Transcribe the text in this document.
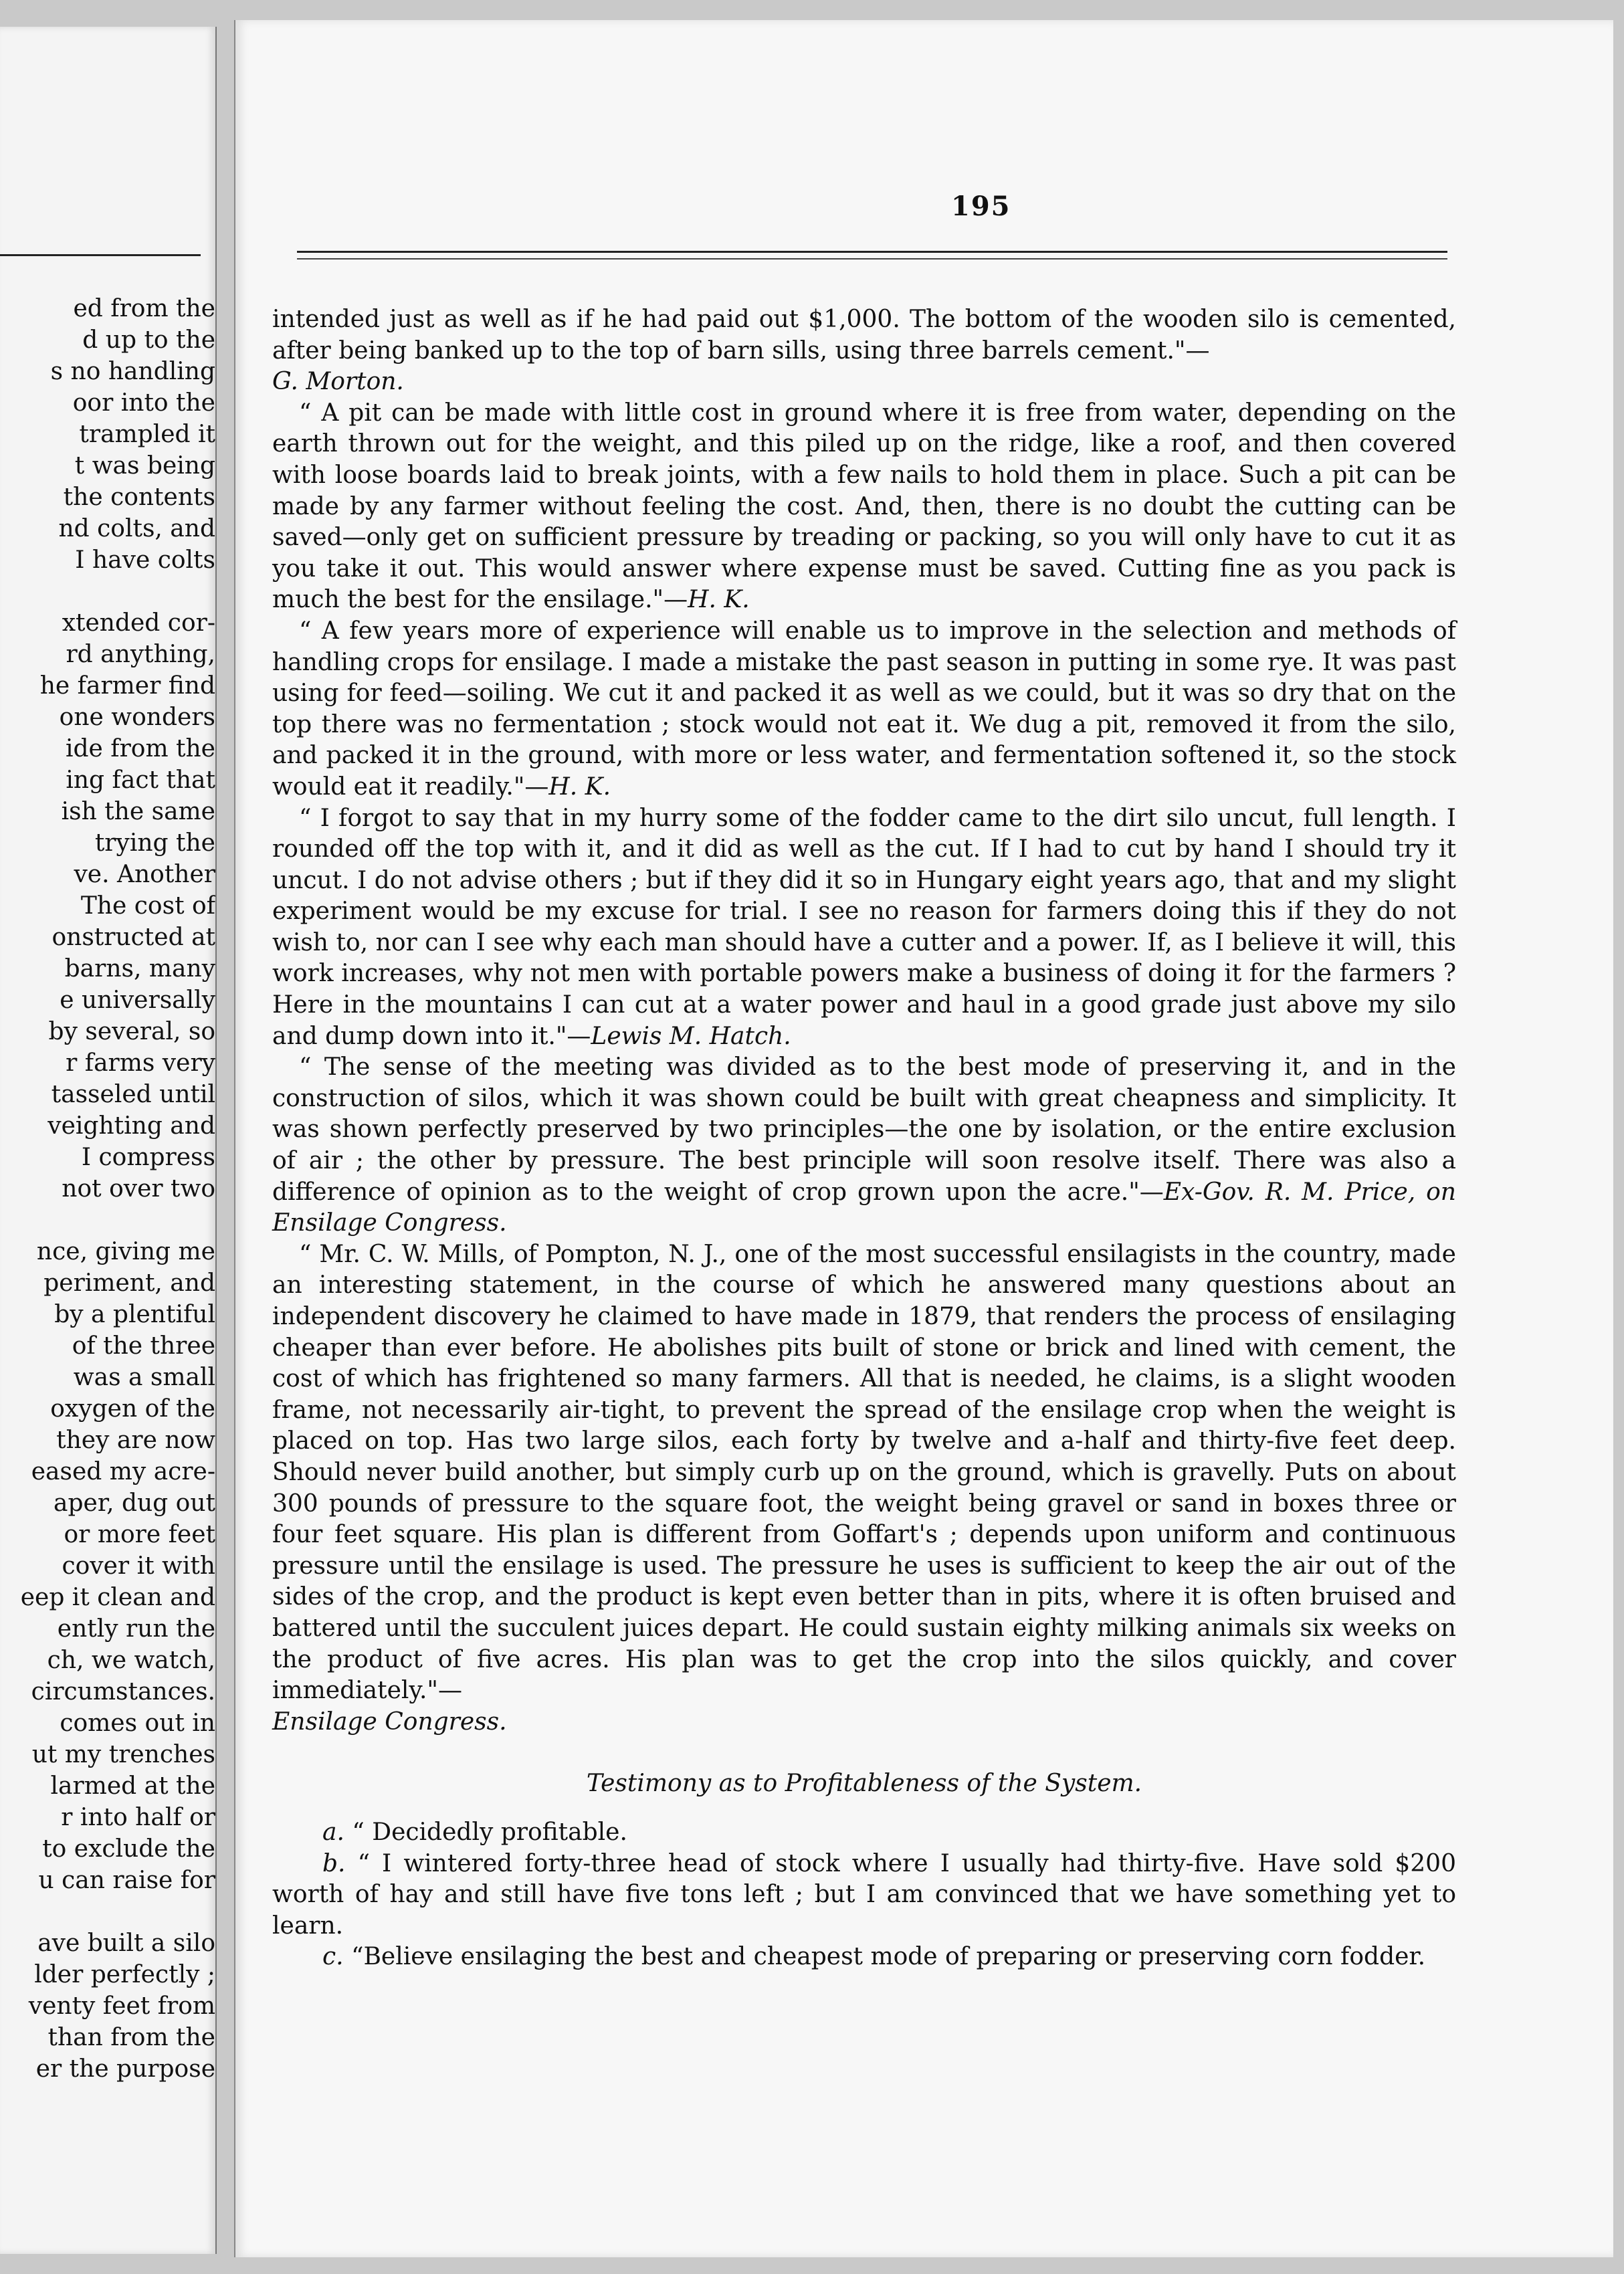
ed from the
d up to the
s no handling
oor into the
trampled it
t was being
the contents
nd colts, and
I have colts
xtended cor-
rd anything,
he farmer find
one wonders
ide from the
ing fact that
ish the same
trying the
ve. Another
The cost of
onstructed at
barns, many
e universally
by several, so
r farms very
tasseled until
veighting and
I compress
not over two
nce, giving me
periment, and
by a plentiful
of the three
was a small
oxygen of the
they are now
eased my acre-
aper, dug out
or more feet
cover it with
eep it clean and
ently run the
ch, we watch,
circumstances.
comes out in
ut my trenches
larmed at the
r into half or
to exclude the
u can raise for
ave built a silo
lder perfectly ;
venty feet from
than from the
er the purpose
195

intended just as well as if he had paid out $1,000. The bottom of the wooden silo is cemented, after being banked up to the top of barn sills, using three barrels cement."—
G. Morton.

“ A pit can be made with little cost in ground where it is free from water, depending on the earth thrown out for the weight, and this piled up on the ridge, like a roof, and then covered with loose boards laid to break joints, with a few nails to hold them in place. Such a pit can be made by any farmer without feeling the cost. And, then, there is no doubt the cutting can be saved—only get on sufficient pressure by treading or packing, so you will only have to cut it as you take it out. This would answer where expense must be saved. Cutting fine as you pack is much the best for the ensilage."—H. K.

“ A few years more of experience will enable us to improve in the selection and methods of handling crops for ensilage. I made a mistake the past season in putting in some rye. It was past using for feed—soiling. We cut it and packed it as well as we could, but it was so dry that on the top there was no fermentation ; stock would not eat it. We dug a pit, removed it from the silo, and packed it in the ground, with more or less water, and fermentation softened it, so the stock would eat it readily."—H. K.

“ I forgot to say that in my hurry some of the fodder came to the dirt silo uncut, full length. I rounded off the top with it, and it did as well as the cut. If I had to cut by hand I should try it uncut. I do not advise others ; but if they did it so in Hungary eight years ago, that and my slight experiment would be my excuse for trial. I see no reason for farmers doing this if they do not wish to, nor can I see why each man should have a cutter and a power. If, as I believe it will, this work increases, why not men with portable powers make a business of doing it for the farmers ? Here in the mountains I can cut at a water power and haul in a good grade just above my silo and dump down into it."—Lewis M. Hatch.

“ The sense of the meeting was divided as to the best mode of preserving it, and in the construction of silos, which it was shown could be built with great cheapness and simplicity. It was shown perfectly preserved by two principles—the one by isolation, or the entire exclusion of air ; the other by pressure. The best principle will soon resolve itself. There was also a difference of opinion as to the weight of crop grown upon the acre."—Ex-Gov. R. M. Price, on Ensilage Congress.

“ Mr. C. W. Mills, of Pompton, N. J., one of the most successful ensilagists in the country, made an interesting statement, in the course of which he answered many questions about an independent discovery he claimed to have made in 1879, that renders the process of ensilaging cheaper than ever before. He abolishes pits built of stone or brick and lined with cement, the cost of which has frightened so many farmers. All that is needed, he claims, is a slight wooden frame, not necessarily air-tight, to prevent the spread of the ensilage crop when the weight is placed on top. Has two large silos, each forty by twelve and a-half and thirty-five feet deep. Should never build another, but simply curb up on the ground, which is gravelly. Puts on about 300 pounds of pressure to the square foot, the weight being gravel or sand in boxes three or four feet square. His plan is different from Goffart's ; depends upon uniform and continuous pressure until the ensilage is used. The pressure he uses is sufficient to keep the air out of the sides of the crop, and the product is kept even better than in pits, where it is often bruised and battered until the succulent juices depart. He could sustain eighty milking animals six weeks on the product of five acres. His plan was to get the crop into the silos quickly, and cover immediately."—
Ensilage Congress.

Testimony as to Profitableness of the System.

a. “ Decidedly profitable.

b. “ I wintered forty-three head of stock where I usually had thirty-five. Have sold $200 worth of hay and still have five tons left ; but I am convinced that we have something yet to learn.

c. “Believe ensilaging the best and cheapest mode of preparing or preserving corn fodder.
